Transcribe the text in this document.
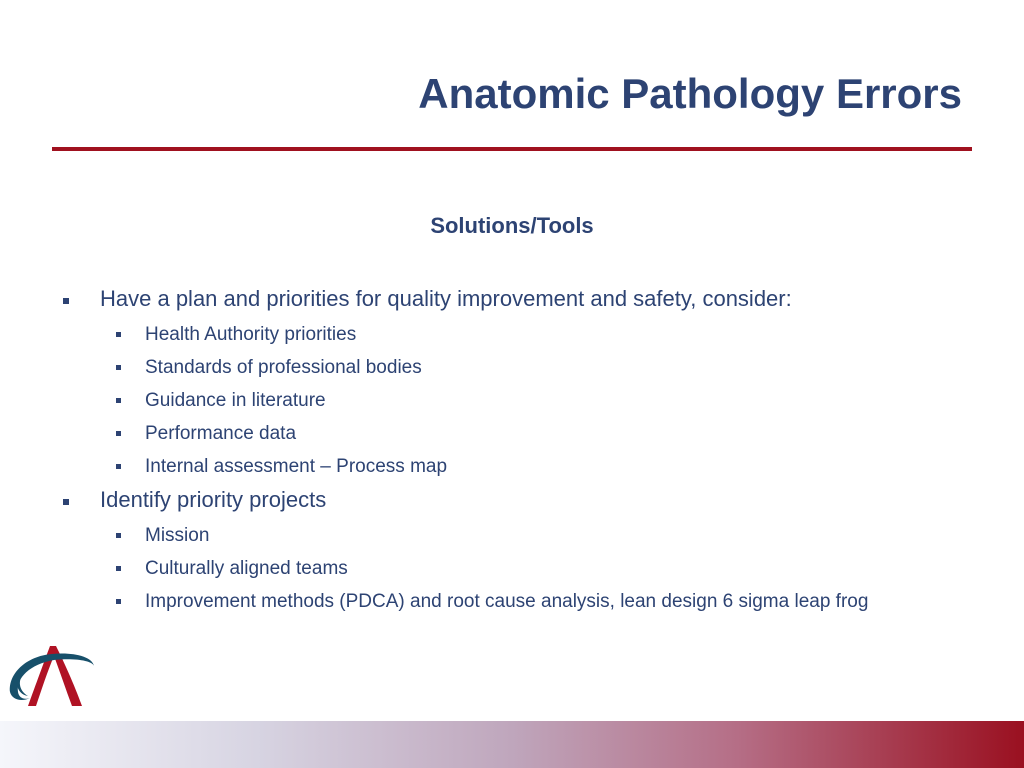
Anatomic Pathology Errors
Solutions/Tools
Have a plan and priorities for quality improvement and safety, consider:
Health Authority priorities
Standards of professional bodies
Guidance in literature
Performance data
Internal assessment – Process map
Identify priority projects
Mission
Culturally aligned teams
Improvement methods (PDCA) and root cause analysis, lean design 6 sigma leap frog
